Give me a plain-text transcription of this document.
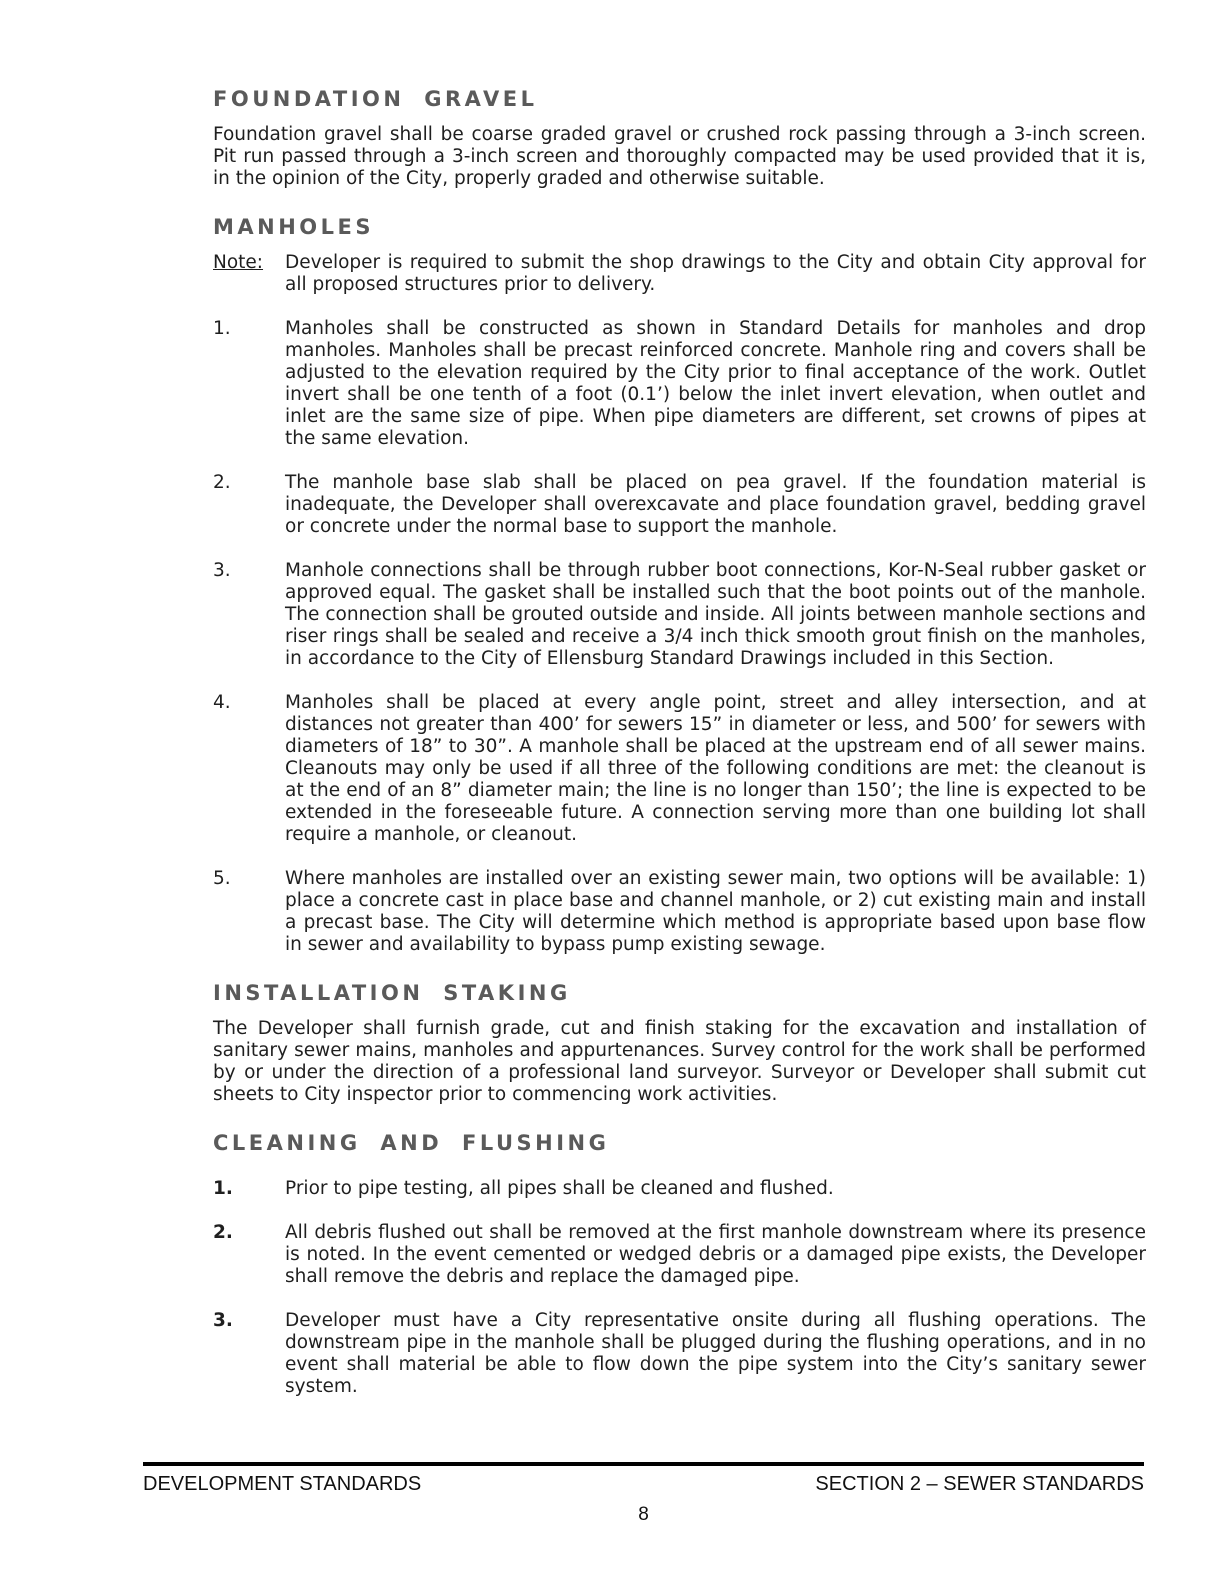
FOUNDATION GRAVEL

Foundation gravel shall be coarse graded gravel or crushed rock passing through a 3-inch screen. Pit run passed through a 3-inch screen and thoroughly compacted may be used provided that it is, in the opinion of the City, properly graded and otherwise suitable.

MANHOLES
Note:	Developer is required to submit the shop drawings to the City and obtain City approval for all proposed structures prior to delivery.
1.	Manholes shall be constructed as shown in Standard Details for manholes and drop manholes. Manholes shall be precast reinforced concrete. Manhole ring and covers shall be adjusted to the elevation required by the City prior to final acceptance of the work. Outlet invert shall be one tenth of a foot (0.1’) below the inlet invert elevation, when outlet and inlet are the same size of pipe. When pipe diameters are different, set crowns of pipes at the same elevation.
2.	The manhole base slab shall be placed on pea gravel. If the foundation material is inadequate, the Developer shall overexcavate and place foundation gravel, bedding gravel or concrete under the normal base to support the manhole.
3.	Manhole connections shall be through rubber boot connections, Kor-N-Seal rubber gasket or approved equal. The gasket shall be installed such that the boot points out of the manhole. The connection shall be grouted outside and inside. All joints between manhole sections and riser rings shall be sealed and receive a 3/4 inch thick smooth grout finish on the manholes, in accordance to the City of Ellensburg Standard Drawings included in this Section.
4.	Manholes shall be placed at every angle point, street and alley intersection, and at distances not greater than 400’ for sewers 15” in diameter or less, and 500’ for sewers with diameters of 18” to 30”. A manhole shall be placed at the upstream end of all sewer mains. Cleanouts may only be used if all three of the following conditions are met: the cleanout is at the end of an 8” diameter main; the line is no longer than 150’; the line is expected to be extended in the foreseeable future. A connection serving more than one building lot shall require a manhole, or cleanout.
5.	Where manholes are installed over an existing sewer main, two options will be available: 1) place a concrete cast in place base and channel manhole, or 2) cut existing main and install a precast base. The City will determine which method is appropriate based upon base flow in sewer and availability to bypass pump existing sewage.
INSTALLATION STAKING

The Developer shall furnish grade, cut and finish staking for the excavation and installation of sanitary sewer mains, manholes and appurtenances. Survey control for the work shall be performed by or under the direction of a professional land surveyor. Surveyor or Developer shall submit cut sheets to City inspector prior to commencing work activities.

CLEANING AND FLUSHING
1.	Prior to pipe testing, all pipes shall be cleaned and flushed.
2.	All debris flushed out shall be removed at the first manhole downstream where its presence is noted. In the event cemented or wedged debris or a damaged pipe exists, the Developer shall remove the debris and replace the damaged pipe.
3.	Developer must have a City representative onsite during all flushing operations. The downstream pipe in the manhole shall be plugged during the flushing operations, and in no event shall material be able to flow down the pipe system into the City’s sanitary sewer system.
DEVELOPMENT STANDARDS	SECTION 2 – SEWER STANDARDS
8
